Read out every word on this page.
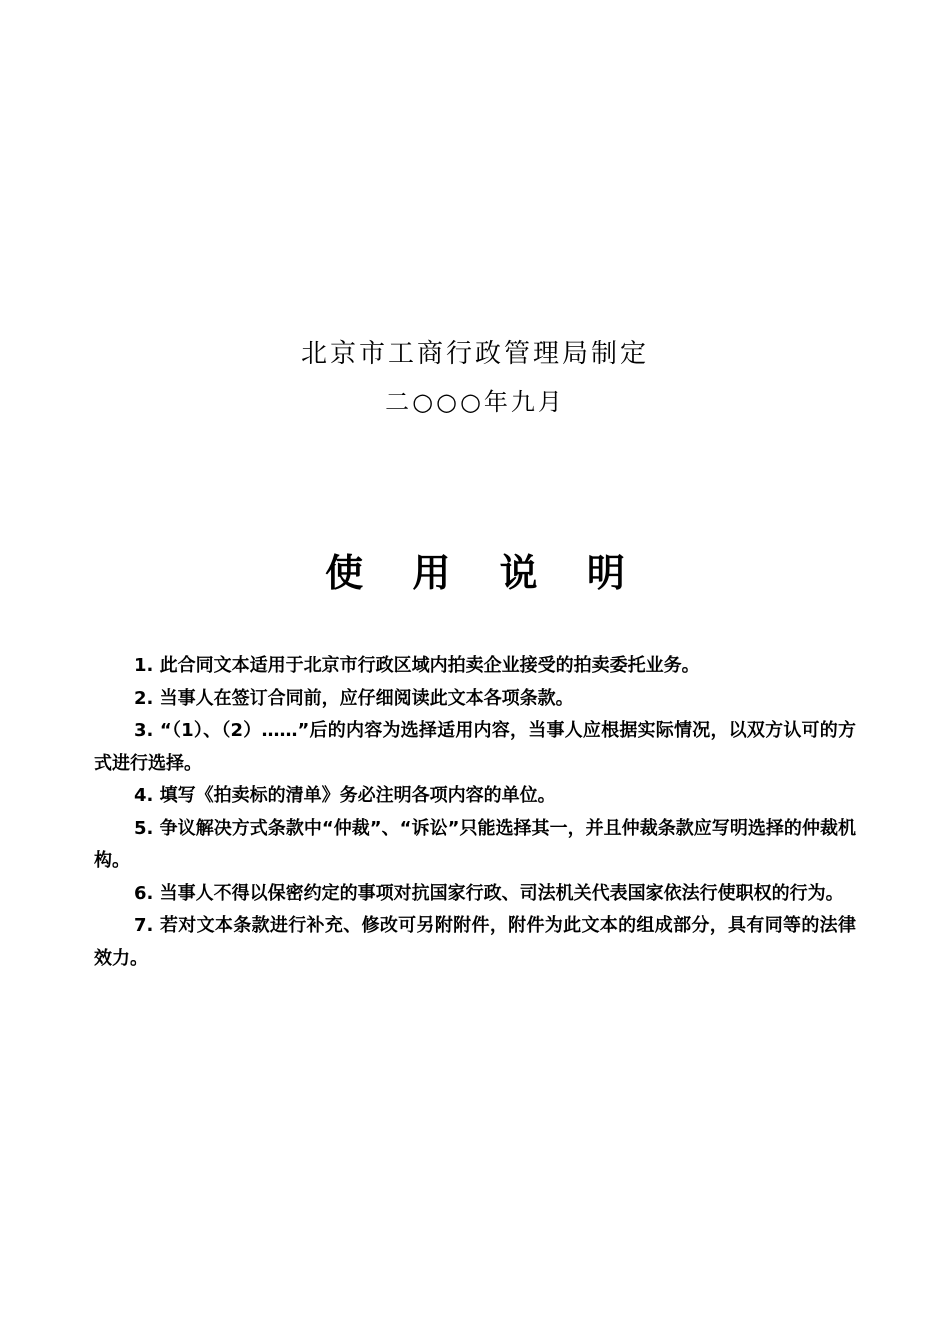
北京市工商行政管理局制定
二○○○年九月
使 用 说 明
1. 此合同文本适用于北京市行政区域内拍卖企业接受的拍卖委托业务。
2. 当事人在签订合同前，应仔细阅读此文本各项条款。
3. “（1）、（2）……”后的内容为选择适用内容，当事人应根据实际情况，以双方认可的方式进行选择。
4. 填写《拍卖标的清单》务必注明各项内容的单位。
5. 争议解决方式条款中“仲裁”、“诉讼”只能选择其一，并且仲裁条款应写明选择的仲裁机构。
6. 当事人不得以保密约定的事项对抗国家行政、司法机关代表国家依法行使职权的行为。
7. 若对文本条款进行补充、修改可另附附件，附件为此文本的组成部分，具有同等的法律效力。
